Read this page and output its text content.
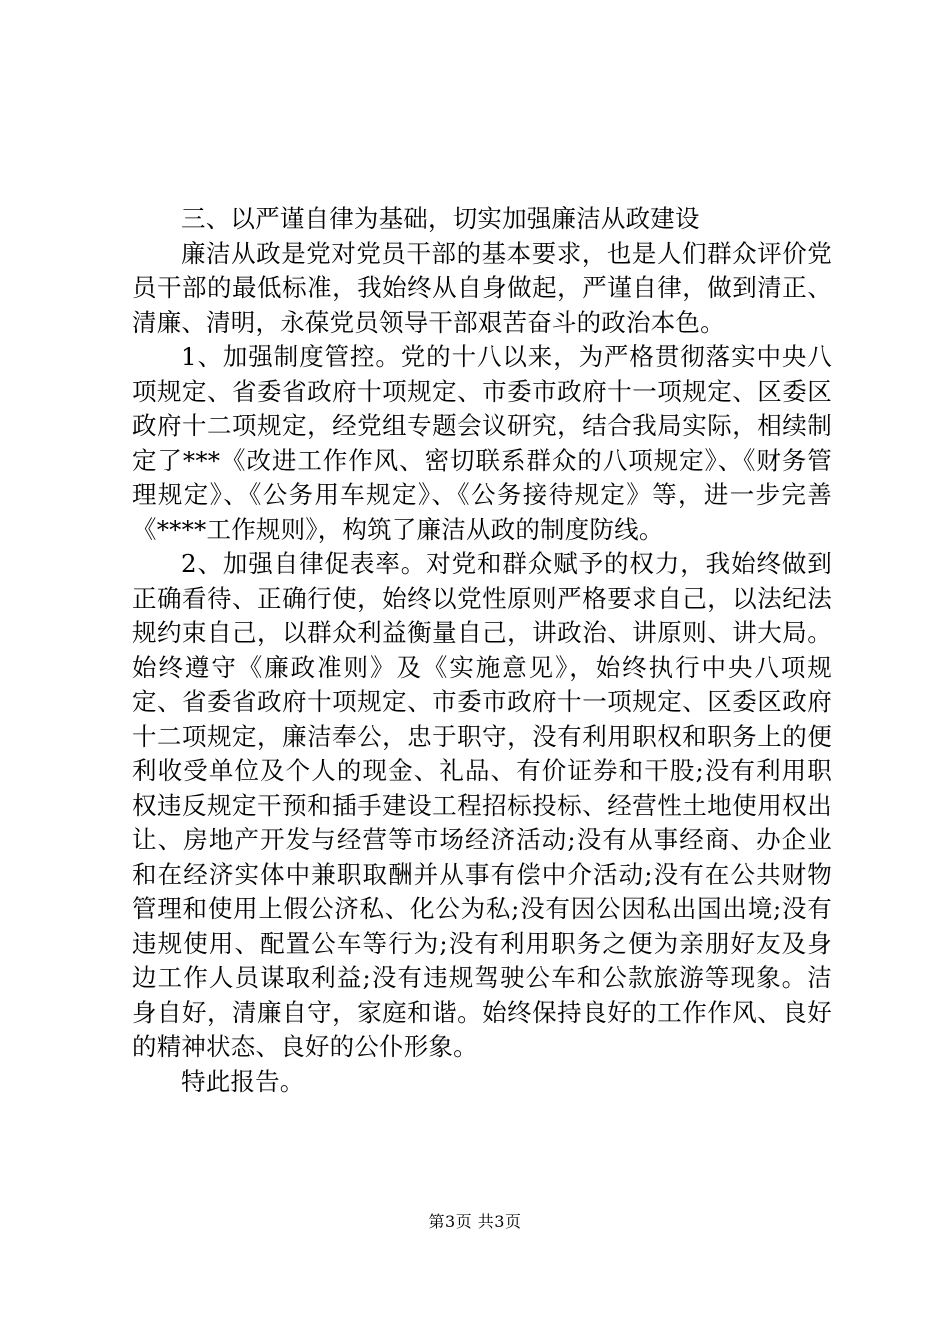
三、以严谨自律为基础，切实加强廉洁从政建设

廉洁从政是党对党员干部的基本要求，也是人们群众评价党员干部的最低标准，我始终从自身做起，严谨自律，做到清正、清廉、清明，永葆党员领导干部艰苦奋斗的政治本色。

1、加强制度管控。党的十八以来，为严格贯彻落实中央八项规定、省委省政府十项规定、市委市政府十一项规定、区委区政府十二项规定，经党组专题会议研究，结合我局实际，相续制定了***《改进工作作风、密切联系群众的八项规定》、《财务管理规定》、《公务用车规定》、《公务接待规定》等，进一步完善《****工作规则》，构筑了廉洁从政的制度防线。

2、加强自律促表率。对党和群众赋予的权力，我始终做到正确看待、正确行使，始终以党性原则严格要求自己，以法纪法规约束自己，以群众利益衡量自己，讲政治、讲原则、讲大局。始终遵守《廉政准则》及《实施意见》，始终执行中央八项规定、省委省政府十项规定、市委市政府十一项规定、区委区政府十二项规定，廉洁奉公，忠于职守，没有利用职权和职务上的便利收受单位及个人的现金、礼品、有价证券和干股;没有利用职权违反规定干预和插手建设工程招标投标、经营性土地使用权出让、房地产开发与经营等市场经济活动;没有从事经商、办企业和在经济实体中兼职取酬并从事有偿中介活动;没有在公共财物管理和使用上假公济私、化公为私;没有因公因私出国出境;没有违规使用、配置公车等行为;没有利用职务之便为亲朋好友及身边工作人员谋取利益;没有违规驾驶公车和公款旅游等现象。洁身自好，清廉自守，家庭和谐。始终保持良好的工作作风、良好的精神状态、良好的公仆形象。

特此报告。

第3页 共3页
